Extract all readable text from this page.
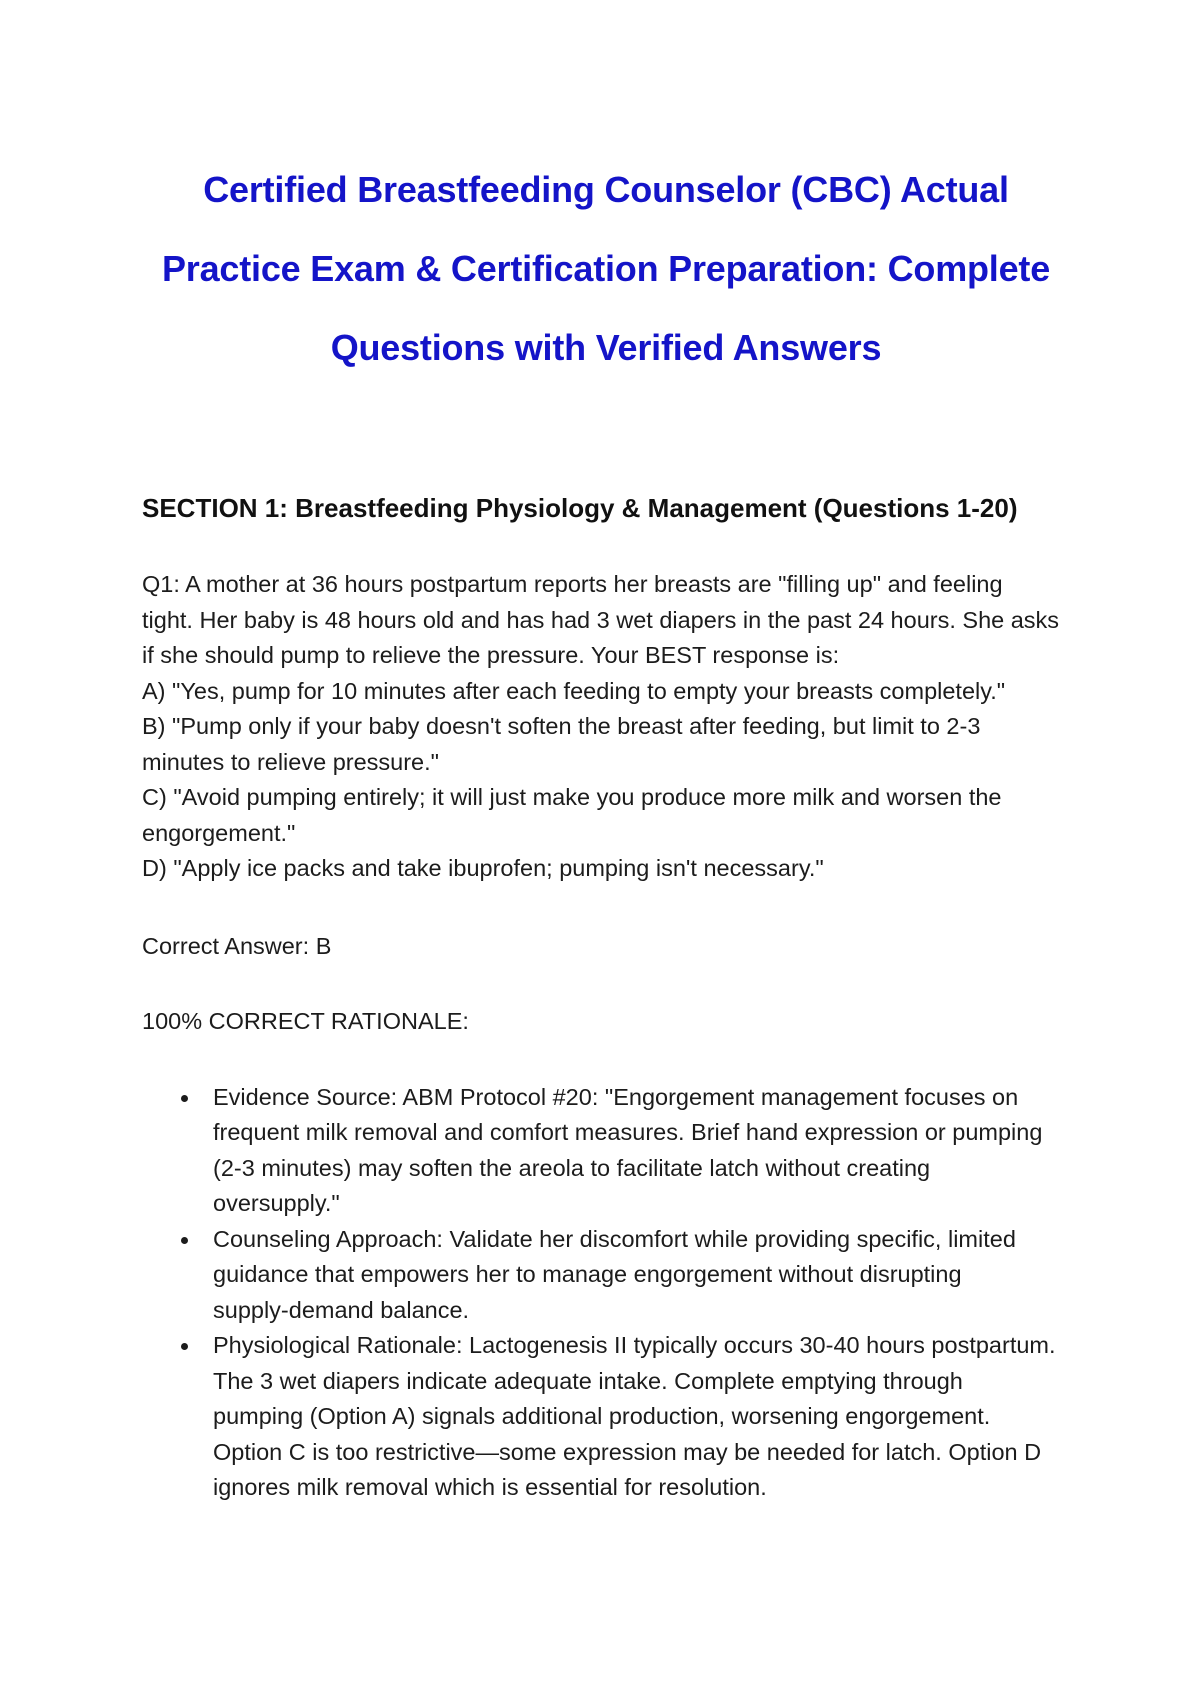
Certified Breastfeeding Counselor (CBC) Actual
Practice Exam & Certification Preparation: Complete
Questions with Verified Answers
SECTION 1: Breastfeeding Physiology & Management (Questions 1-20)
Q1: A mother at 36 hours postpartum reports her breasts are "filling up" and feeling
tight. Her baby is 48 hours old and has had 3 wet diapers in the past 24 hours. She asks
if she should pump to relieve the pressure. Your BEST response is:
A) "Yes, pump for 10 minutes after each feeding to empty your breasts completely."
B) "Pump only if your baby doesn't soften the breast after feeding, but limit to 2-3
minutes to relieve pressure."
C) "Avoid pumping entirely; it will just make you produce more milk and worsen the
engorgement."
D) "Apply ice packs and take ibuprofen; pumping isn't necessary."

Correct Answer: B

100% CORRECT RATIONALE:

Evidence Source: ABM Protocol #20: "Engorgement management focuses on
frequent milk removal and comfort measures. Brief hand expression or pumping
(2-3 minutes) may soften the areola to facilitate latch without creating
oversupply."
Counseling Approach: Validate her discomfort while providing specific, limited
guidance that empowers her to manage engorgement without disrupting
supply-demand balance.
Physiological Rationale: Lactogenesis II typically occurs 30-40 hours postpartum.
The 3 wet diapers indicate adequate intake. Complete emptying through
pumping (Option A) signals additional production, worsening engorgement.
Option C is too restrictive—some expression may be needed for latch. Option D
ignores milk removal which is essential for resolution.
